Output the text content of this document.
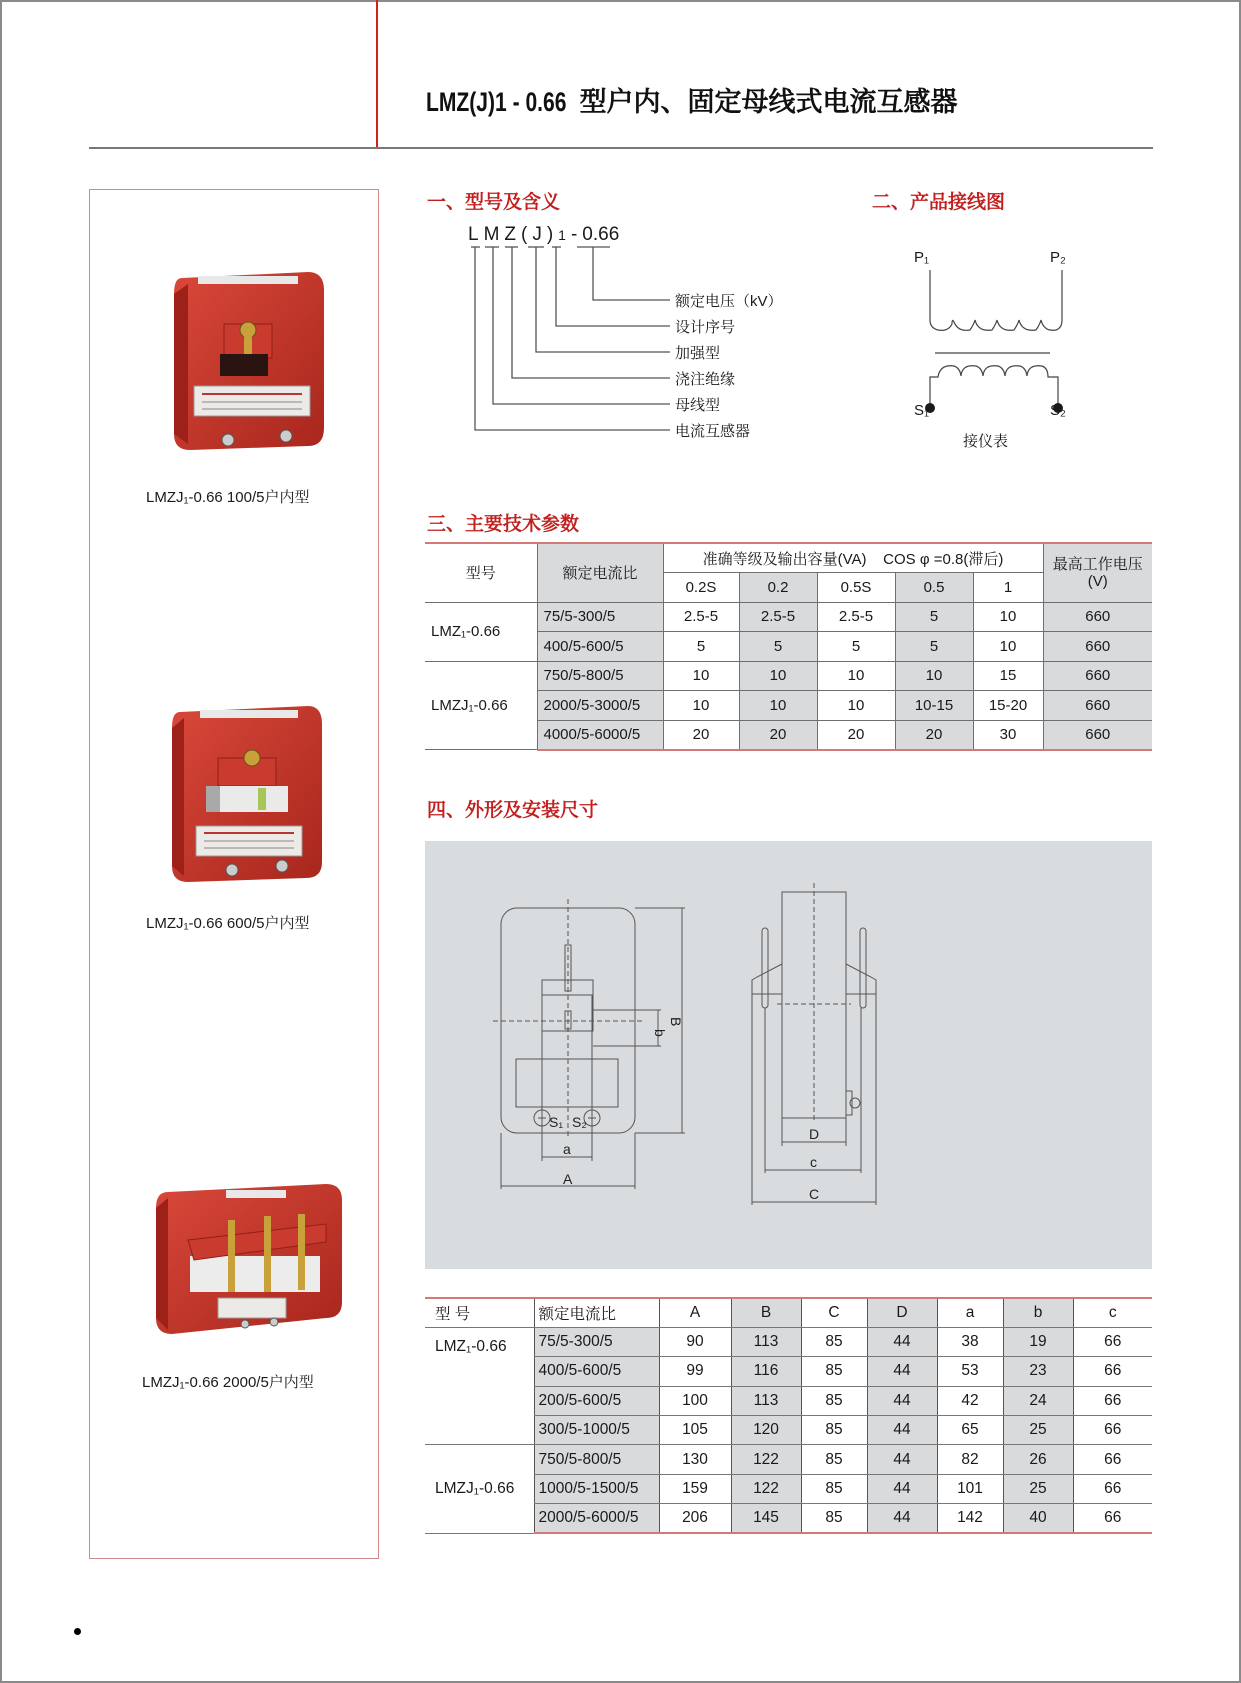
LMZ(J)1 - 0.66 型户内、固定母线式电流互感器
LMZJ₁-0.66 100/5户内型
LMZJ₁-0.66 600/5户内型
LMZJ₁-0.66 2000/5户内型
一、型号及含义
LMZ(J)1-0.66
额定电压（kV）
设计序号
加强型
浇注绝缘
母线型
电流互感器
二、产品接线图
P₁	P₂
S₁	S₂
接仪表
三、主要技术参数
型号	额定电流比	准确等级及输出容量(VA)    COS φ =0.8(滞后)					最高工作电压(V)
		0.2S	0.2	0.5S	0.5	1	
LMZ₁-0.66	75/5-300/5	2.5-5	2.5-5	2.5-5	5	10	660
	400/5-600/5	5	5	5	5	10	660
LMZJ₁-0.66	750/5-800/5	10	10	10	10	15	660
	2000/5-3000/5	10	10	10	10-15	15-20	660
	4000/5-6000/5	20	20	20	20	30	660
四、外形及安装尺寸
S₁ S₂
a
A
b
B
D
c
C
型 号	额定电流比	A	B	C	D	a	b	c
LMZ₁-0.66	75/5-300/5	90	113	85	44	38	19	66
	400/5-600/5	99	116	85	44	53	23	66
	200/5-600/5	100	113	85	44	42	24	66
	300/5-1000/5	105	120	85	44	65	25	66
LMZJ₁-0.66	750/5-800/5	130	122	85	44	82	26	66
	1000/5-1500/5	159	122	85	44	101	25	66
	2000/5-6000/5	206	145	85	44	142	40	66
